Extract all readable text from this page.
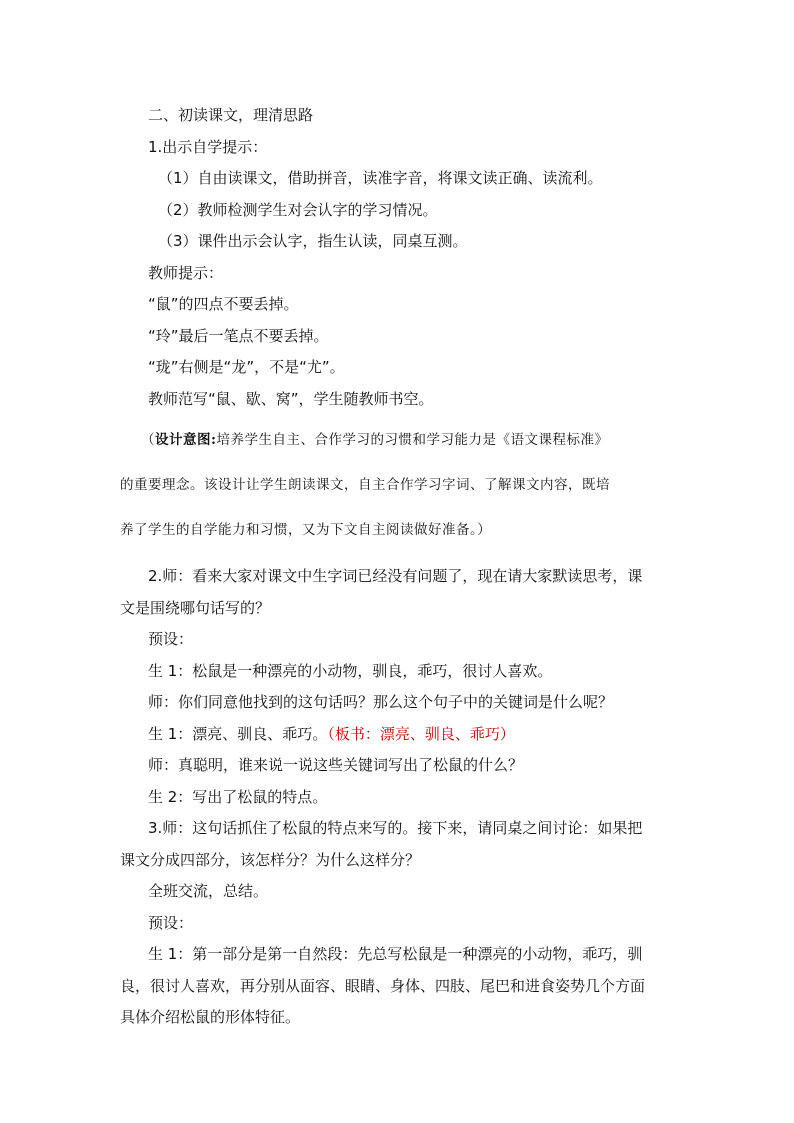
二、初读课文，理清思路

1.出示自学提示：

（1）自由读课文，借助拼音，读准字音，将课文读正确、读流利。

（2）教师检测学生对会认字的学习情况。

（3）课件出示会认字，指生认读，同桌互测。

教师提示：

“鼠”的四点不要丢掉。

“玲”最后一笔点不要丢掉。

“珑”右侧是“龙”，不是“尤”。

教师范写“鼠、歇、窝”，学生随教师书空。

（设计意图:培养学生自主、合作学习的习惯和学习能力是《语文课程标准》
的重要理念。该设计让学生朗读课文，自主合作学习字词、了解课文内容，既培
养了学生的自学能力和习惯，又为下文自主阅读做好准备。）

2.师：看来大家对课文中生字词已经没有问题了，现在请大家默读思考，课

文是围绕哪句话写的？

预设：

生 1：松鼠是一种漂亮的小动物，驯良，乖巧，很讨人喜欢。

师：你们同意他找到的这句话吗？那么这个句子中的关键词是什么呢？

生 1：漂亮、驯良、乖巧。（板书：漂亮、驯良、乖巧）

师：真聪明，谁来说一说这些关键词写出了松鼠的什么？

生 2：写出了松鼠的特点。

3.师：这句话抓住了松鼠的特点来写的。接下来，请同桌之间讨论：如果把

课文分成四部分，该怎样分？为什么这样分？

全班交流，总结。

预设：

生 1：第一部分是第一自然段：先总写松鼠是一种漂亮的小动物，乖巧，驯

良，很讨人喜欢，再分别从面容、眼睛、身体、四肢、尾巴和进食姿势几个方面

具体介绍松鼠的形体特征。
